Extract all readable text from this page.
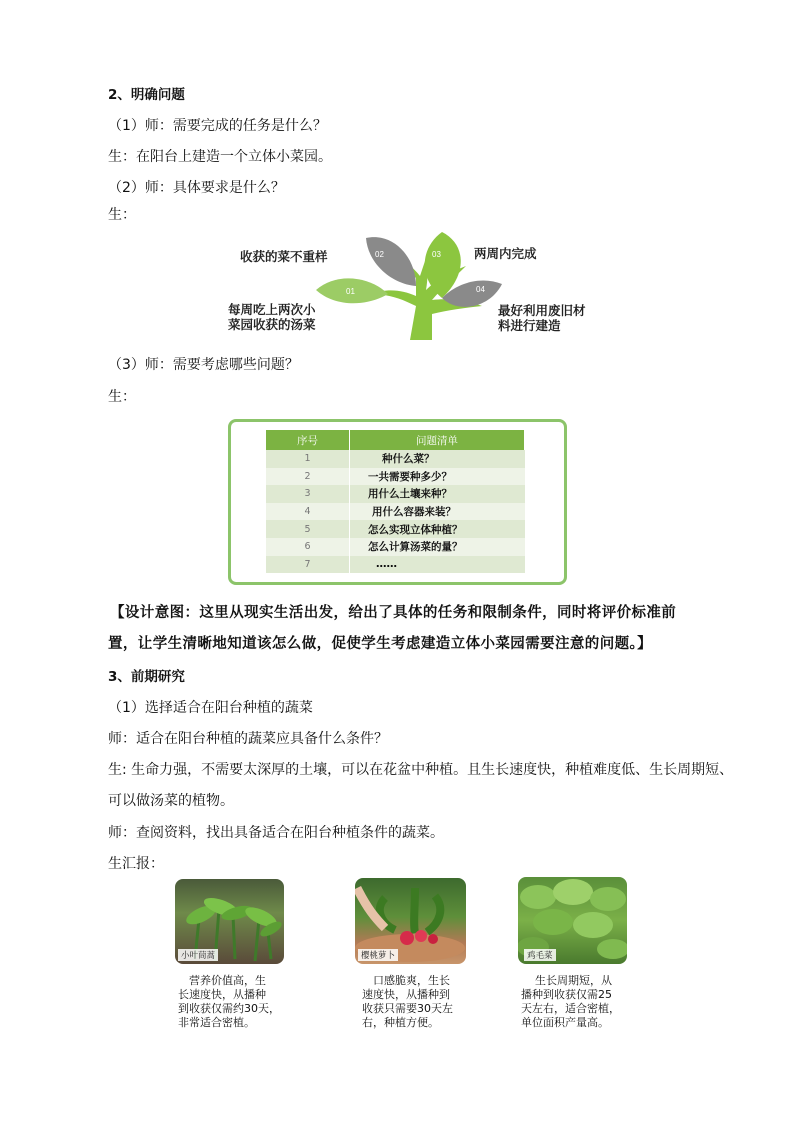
2、明确问题
（1）师：需要完成的任务是什么？
生：在阳台上建造一个立体小菜园。
（2）师：具体要求是什么？
生：
01
02	03
04
每周吃上两次小
菜园收获的汤菜
收获的菜不重样	两周内完成
最好利用废旧材
料进行建造
（3）师：需要考虑哪些问题？
生：
序号	问题清单
1	种什么菜？
2	一共需要种多少？
3	用什么土壤来种？
4	用什么容器来装？
5	怎么实现立体种植？
6	怎么计算汤菜的量？
7	……
【设计意图：这里从现实生活出发，给出了具体的任务和限制条件，同时将评价标准前
置，让学生清晰地知道该怎么做，促使学生考虑建造立体小菜园需要注意的问题。】
3、前期研究
（1）选择适合在阳台种植的蔬菜
师：适合在阳台种植的蔬菜应具备什么条件？
生: 生命力强，不需要太深厚的土壤，可以在花盆中种植。且生长速度快，种植难度低、生长周期短、
可以做汤菜的植物。
师：查阅资料，找出具备适合在阳台种植条件的蔬菜。
生汇报：
小叶茼蒿
营养价值高，生
长速度快，从播种
到收获仅需约30天，
非常适合密植。
樱桃萝卜
口感脆爽，生长
速度快，从播种到
收获只需要30天左
右，种植方便。
鸡毛菜
生长周期短，从
播种到收获仅需25
天左右，适合密植，
单位面积产量高。
